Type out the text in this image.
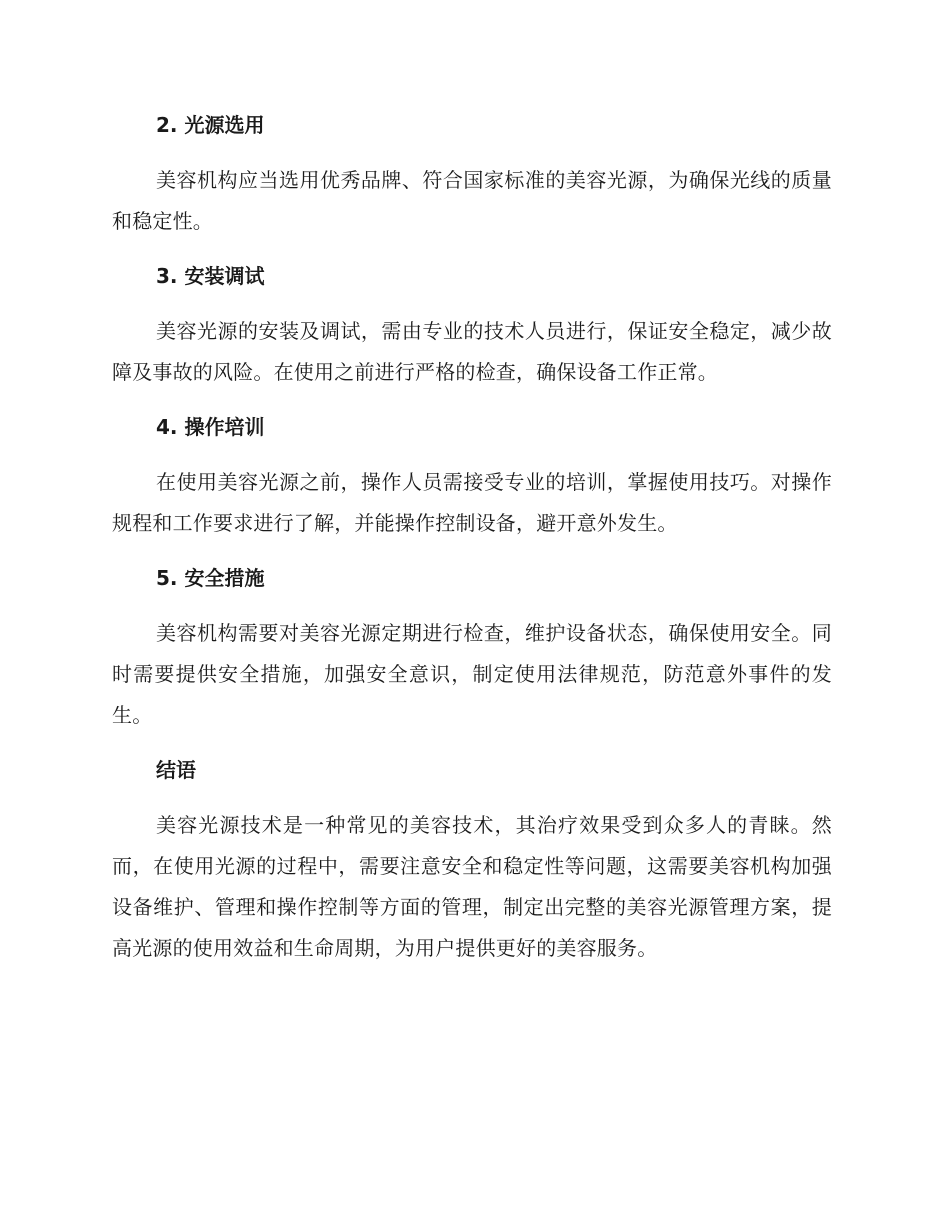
2. 光源选用

美容机构应当选用优秀品牌、符合国家标准的美容光源，为确保光线的质量和稳定性。

3. 安装调试

美容光源的安装及调试，需由专业的技术人员进行，保证安全稳定，减少故障及事故的风险。在使用之前进行严格的检查，确保设备工作正常。

4. 操作培训

在使用美容光源之前，操作人员需接受专业的培训，掌握使用技巧。对操作规程和工作要求进行了解，并能操作控制设备，避开意外发生。

5. 安全措施

美容机构需要对美容光源定期进行检查，维护设备状态，确保使用安全。同时需要提供安全措施，加强安全意识，制定使用法律规范，防范意外事件的发生。

结语

美容光源技术是一种常见的美容技术，其治疗效果受到众多人的青睐。然而，在使用光源的过程中，需要注意安全和稳定性等问题，这需要美容机构加强设备维护、管理和操作控制等方面的管理，制定出完整的美容光源管理方案，提高光源的使用效益和生命周期，为用户提供更好的美容服务。
